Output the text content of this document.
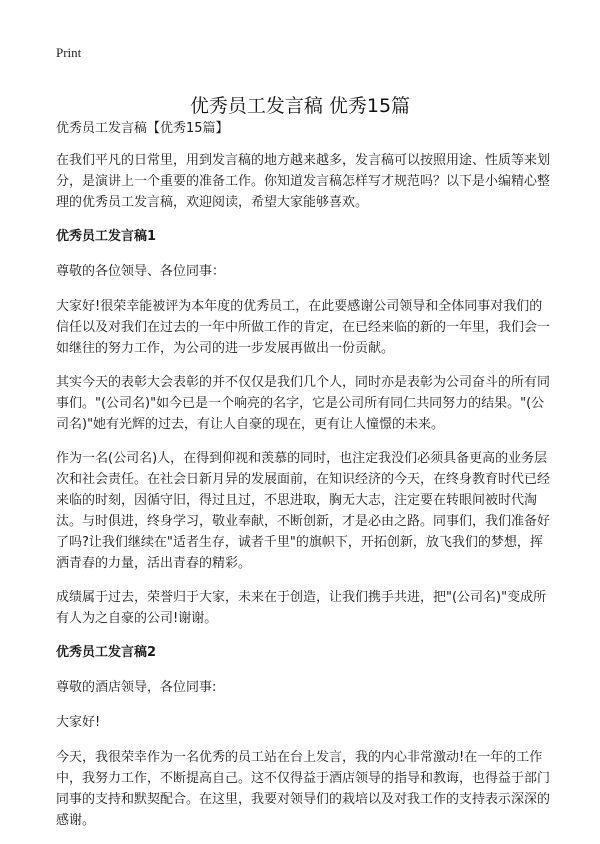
Print
优秀员工发言稿 优秀15篇

优秀员工发言稿【优秀15篇】

在我们平凡的日常里，用到发言稿的地方越来越多，发言稿可以按照用途、性质等来划分，是演讲上一个重要的准备工作。你知道发言稿怎样写才规范吗？以下是小编精心整理的优秀员工发言稿，欢迎阅读，希望大家能够喜欢。

优秀员工发言稿1

尊敬的各位领导、各位同事：

大家好!很荣幸能被评为本年度的优秀员工，在此要感谢公司领导和全体同事对我们的信任以及对我们在过去的一年中所做工作的肯定，在已经来临的新的一年里，我们会一如继往的努力工作，为公司的进一步发展再做出一份贡献。

其实今天的表彰大会表彰的并不仅仅是我们几个人，同时亦是表彰为公司奋斗的所有同事们。"(公司名)"如今已是一个响亮的名字，它是公司所有同仁共同努力的结果。"(公司名)"她有光辉的过去，有让人自豪的现在，更有让人憧憬的未来。

作为一名(公司名)人，在得到仰视和羡慕的同时，也注定我没们必须具备更高的业务层次和社会责任。在社会日新月异的发展面前，在知识经济的今天，在终身教育时代已经来临的时刻，因循守旧，得过且过，不思进取，胸无大志，注定要在转眼间被时代淘汰。与时俱进，终身学习，敬业奉献，不断创新，才是必由之路。同事们，我们准备好了吗?让我们继续在"适者生存，诚者千里"的旗帜下，开拓创新，放飞我们的梦想，挥洒青春的力量，活出青春的精彩。

成绩属于过去，荣誉归于大家，未来在于创造，让我们携手共进，把"(公司名)"变成所有人为之自豪的公司!谢谢。

优秀员工发言稿2

尊敬的酒店领导，各位同事:

大家好!

今天，我很荣幸作为一名优秀的员工站在台上发言，我的内心非常激动!在一年的工作中，我努力工作，不断提高自己。这不仅得益于酒店领导的指导和教诲，也得益于部门同事的支持和默契配合。在这里，我要对领导们的栽培以及对我工作的支持表示深深的感谢。
